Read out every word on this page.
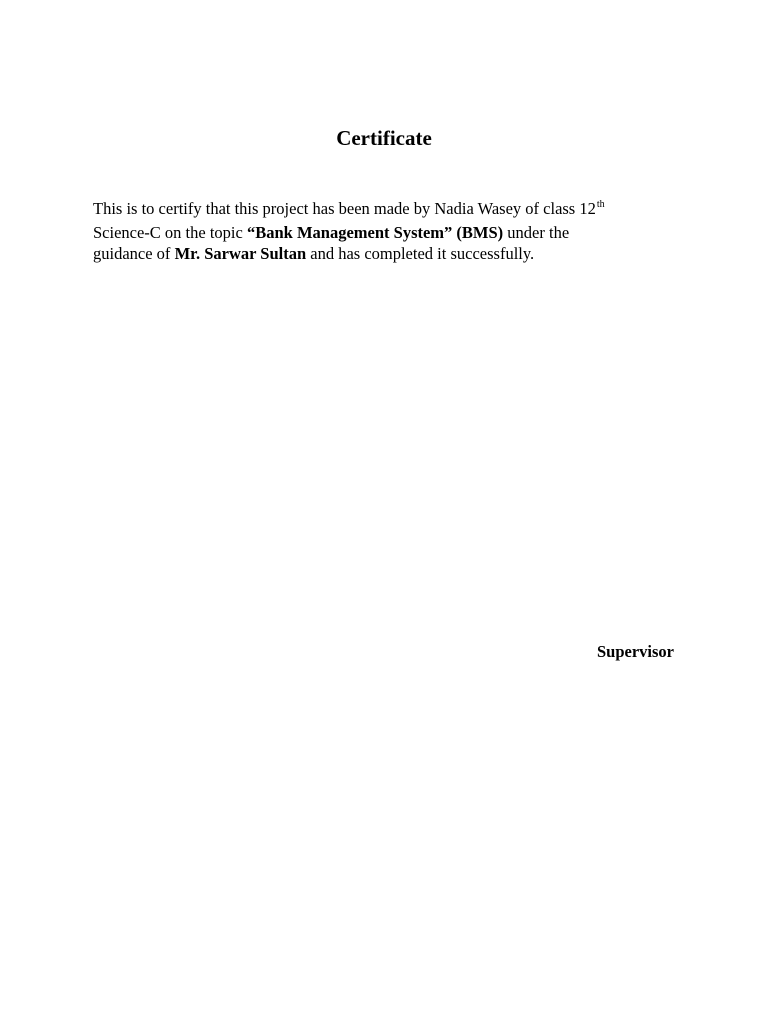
Certificate
This is to certify that this project has been made by Nadia Wasey of class 12th
Science-C on the topic “Bank Management System” (BMS) under the
guidance of Mr. Sarwar Sultan and has completed it successfully.
Supervisor
